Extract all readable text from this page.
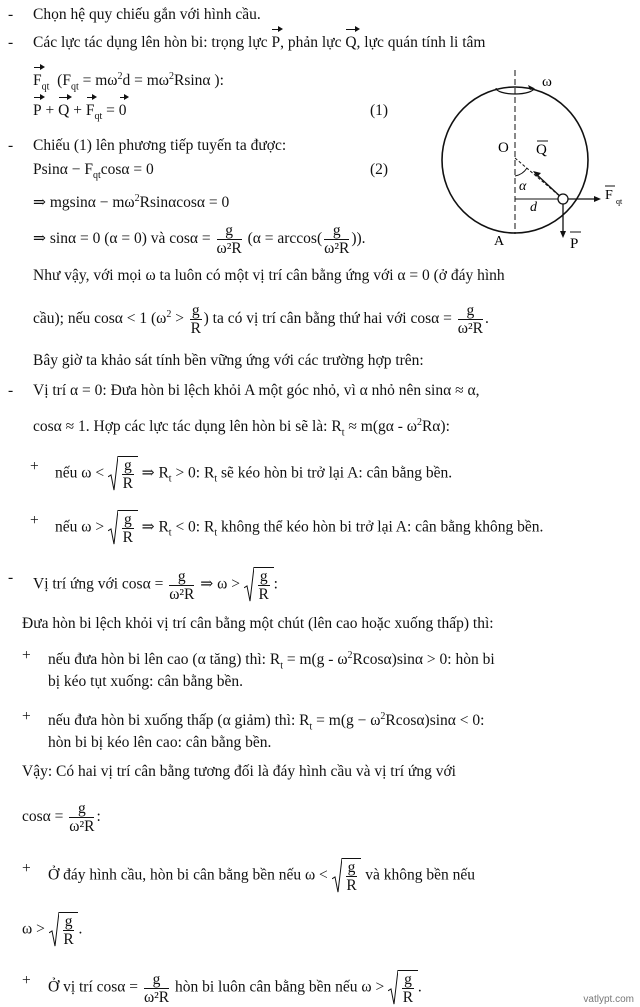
-	Chọn hệ quy chiếu gắn với hình cầu.
-	Các lực tác dụng lên hòn bi: trọng lực P, phản lực Q, lực quán tính li tâm
$F_{qt}$ ($F_{qt} = m\omega^2d = m\omega^2Rsin\alpha$ ):
$P + Q + F_{qt} = 0$	(1)
-	Chiếu (1) lên phương tiếp tuyến ta được:
$Psin\alpha - F_{qt}\cos\alpha = 0$	(2)
⇒ $mgsin\alpha - m\omega^2Rsin\alpha\cos\alpha = 0$
⇒ sinα = 0 (α = 0) và $\cos\alpha = \frac{g}{\text{ω²R}} (\alpha = \arccos( \frac{g}{\text{ω²R}}$ )).
ω
O
α
d
Q
F qt
P
A
Như vậy, với mọi ω ta luôn có một vị trí cân bằng ứng với α = 0 (ở đáy hình
cầu); nếu cosα < 1 ($\omega^2 > \frac{g}{R}$ ) ta có vị trí cân bằng thứ hai với $\cos\alpha = \frac{g}{\text{ω²R}}$ .
Bây giờ ta khảo sát tính bền vững ứng với các trường hợp trên:
-	Vị trí α = 0: Đưa hòn bi lệch khỏi A một góc nhỏ, vì α nhỏ nên sinα ≈ α,
cosα ≈ 1. Hợp các lực tác dụng lên hòn bi sẽ là: $R_t \approx m(g\alpha - \omega^2R\alpha)$:
+ nếu $\omega < \frac{g}{R}$ ⇒ $R_t > 0$: $R_t$ sẽ kéo hòn bi trở lại A: cân bằng bền.
+ nếu $\omega > \frac{g}{R}$ ⇒ $R_t < 0$: $R_t$ không thể kéo hòn bi trở lại A: cân bằng không bền.
-	Vị trí ứng với $\cos\alpha = \frac{g}{\text{ω²R}}$ ⇒ $\omega > \frac{g}{R}$ :
Đưa hòn bi lệch khỏi vị trí cân bằng một chút (lên cao hoặc xuống thấp) thì:
+ nếu đưa hòn bi lên cao (α tăng) thì: $R_t = m(g - \omega^2Rcos\alpha)\sin\alpha > 0$: hòn bi
bị kéo tụt xuống: cân bằng bền.
+ nếu đưa hòn bi xuống thấp (α giảm) thì: $R_t = m(g - \omega^2Rcos\alpha)\sin\alpha < 0$:
hòn bi bị kéo lên cao: cân bằng bền.
Vậy: Có hai vị trí cân bằng tương đối là đáy hình cầu và vị trí ứng với
$\cos\alpha = \frac{g}{\text{ω²R}}$ :
+ Ở đáy hình cầu, hòn bi cân bằng bền nếu $\omega < \frac{g}{R}$ và không bền nếu
$\omega > \frac{g}{R}$ .
+ Ở vị trí $\cos\alpha = \frac{g}{\text{ω²R}}$ hòn bi luôn cân bằng bền nếu $\omega > \frac{g}{R}$ .
vatlypt.com
